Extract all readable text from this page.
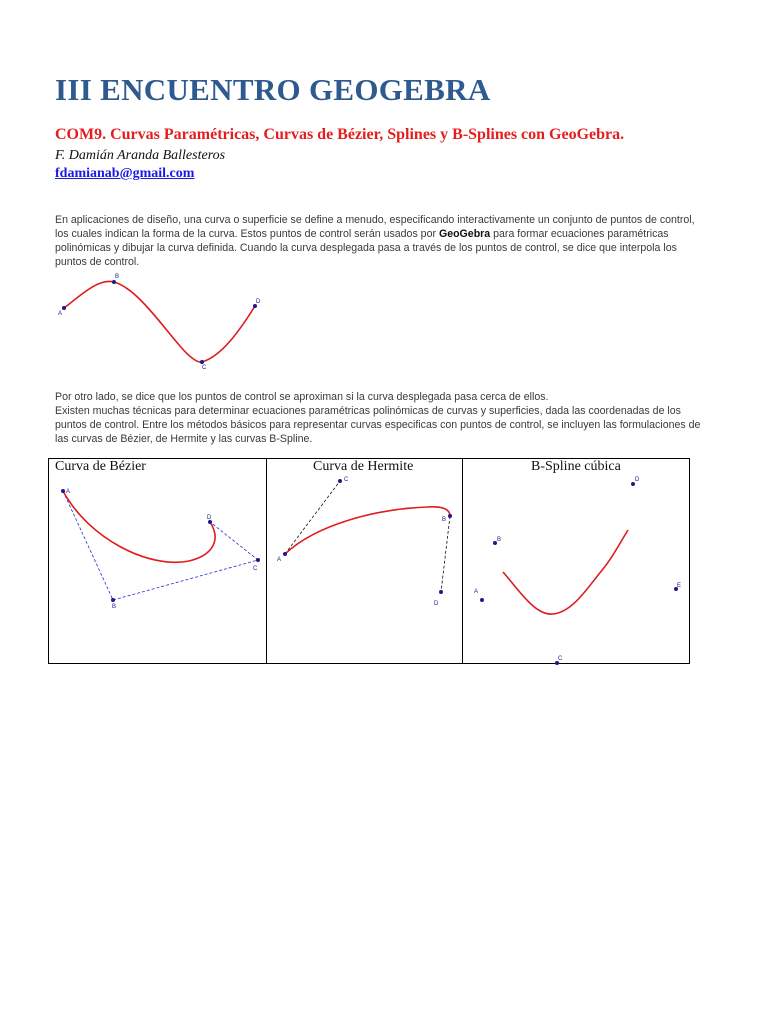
III ENCUENTRO GEOGEBRA
COM9. Curvas Paramétricas, Curvas de Bézier, Splines y B-Splines con GeoGebra.
F. Damián Aranda Ballesteros
fdamianab@gmail.com

En aplicaciones de diseño, una curva o superficie se define a menudo, especificando interactivamente un conjunto de puntos de control, los cuales indican la forma de la curva. Estos puntos de control serán usados por GeoGebra para formar ecuaciones paramétricas polinómicas y dibujar la curva definida. Cuando la curva desplegada pasa a través de los puntos de control, se dice que interpola los puntos de control.

A
B
C
D

Por otro lado, se dice que los puntos de control se aproximan si la curva desplegada pasa cerca de ellos.
Existen muchas técnicas para determinar ecuaciones paramétricas polinómicas de curvas y superficies, dada las coordenadas de los puntos de control. Entre los métodos básicos para representar curvas especificas con puntos de control, se incluyen las formulaciones de las curvas de Bézier, de Hermite y las curvas B-Spline.

Curva de Bézier
A
B
C
D
Curva de Hermite
A
B
C
D
B-Spline cúbica
A
B
C
D
E
